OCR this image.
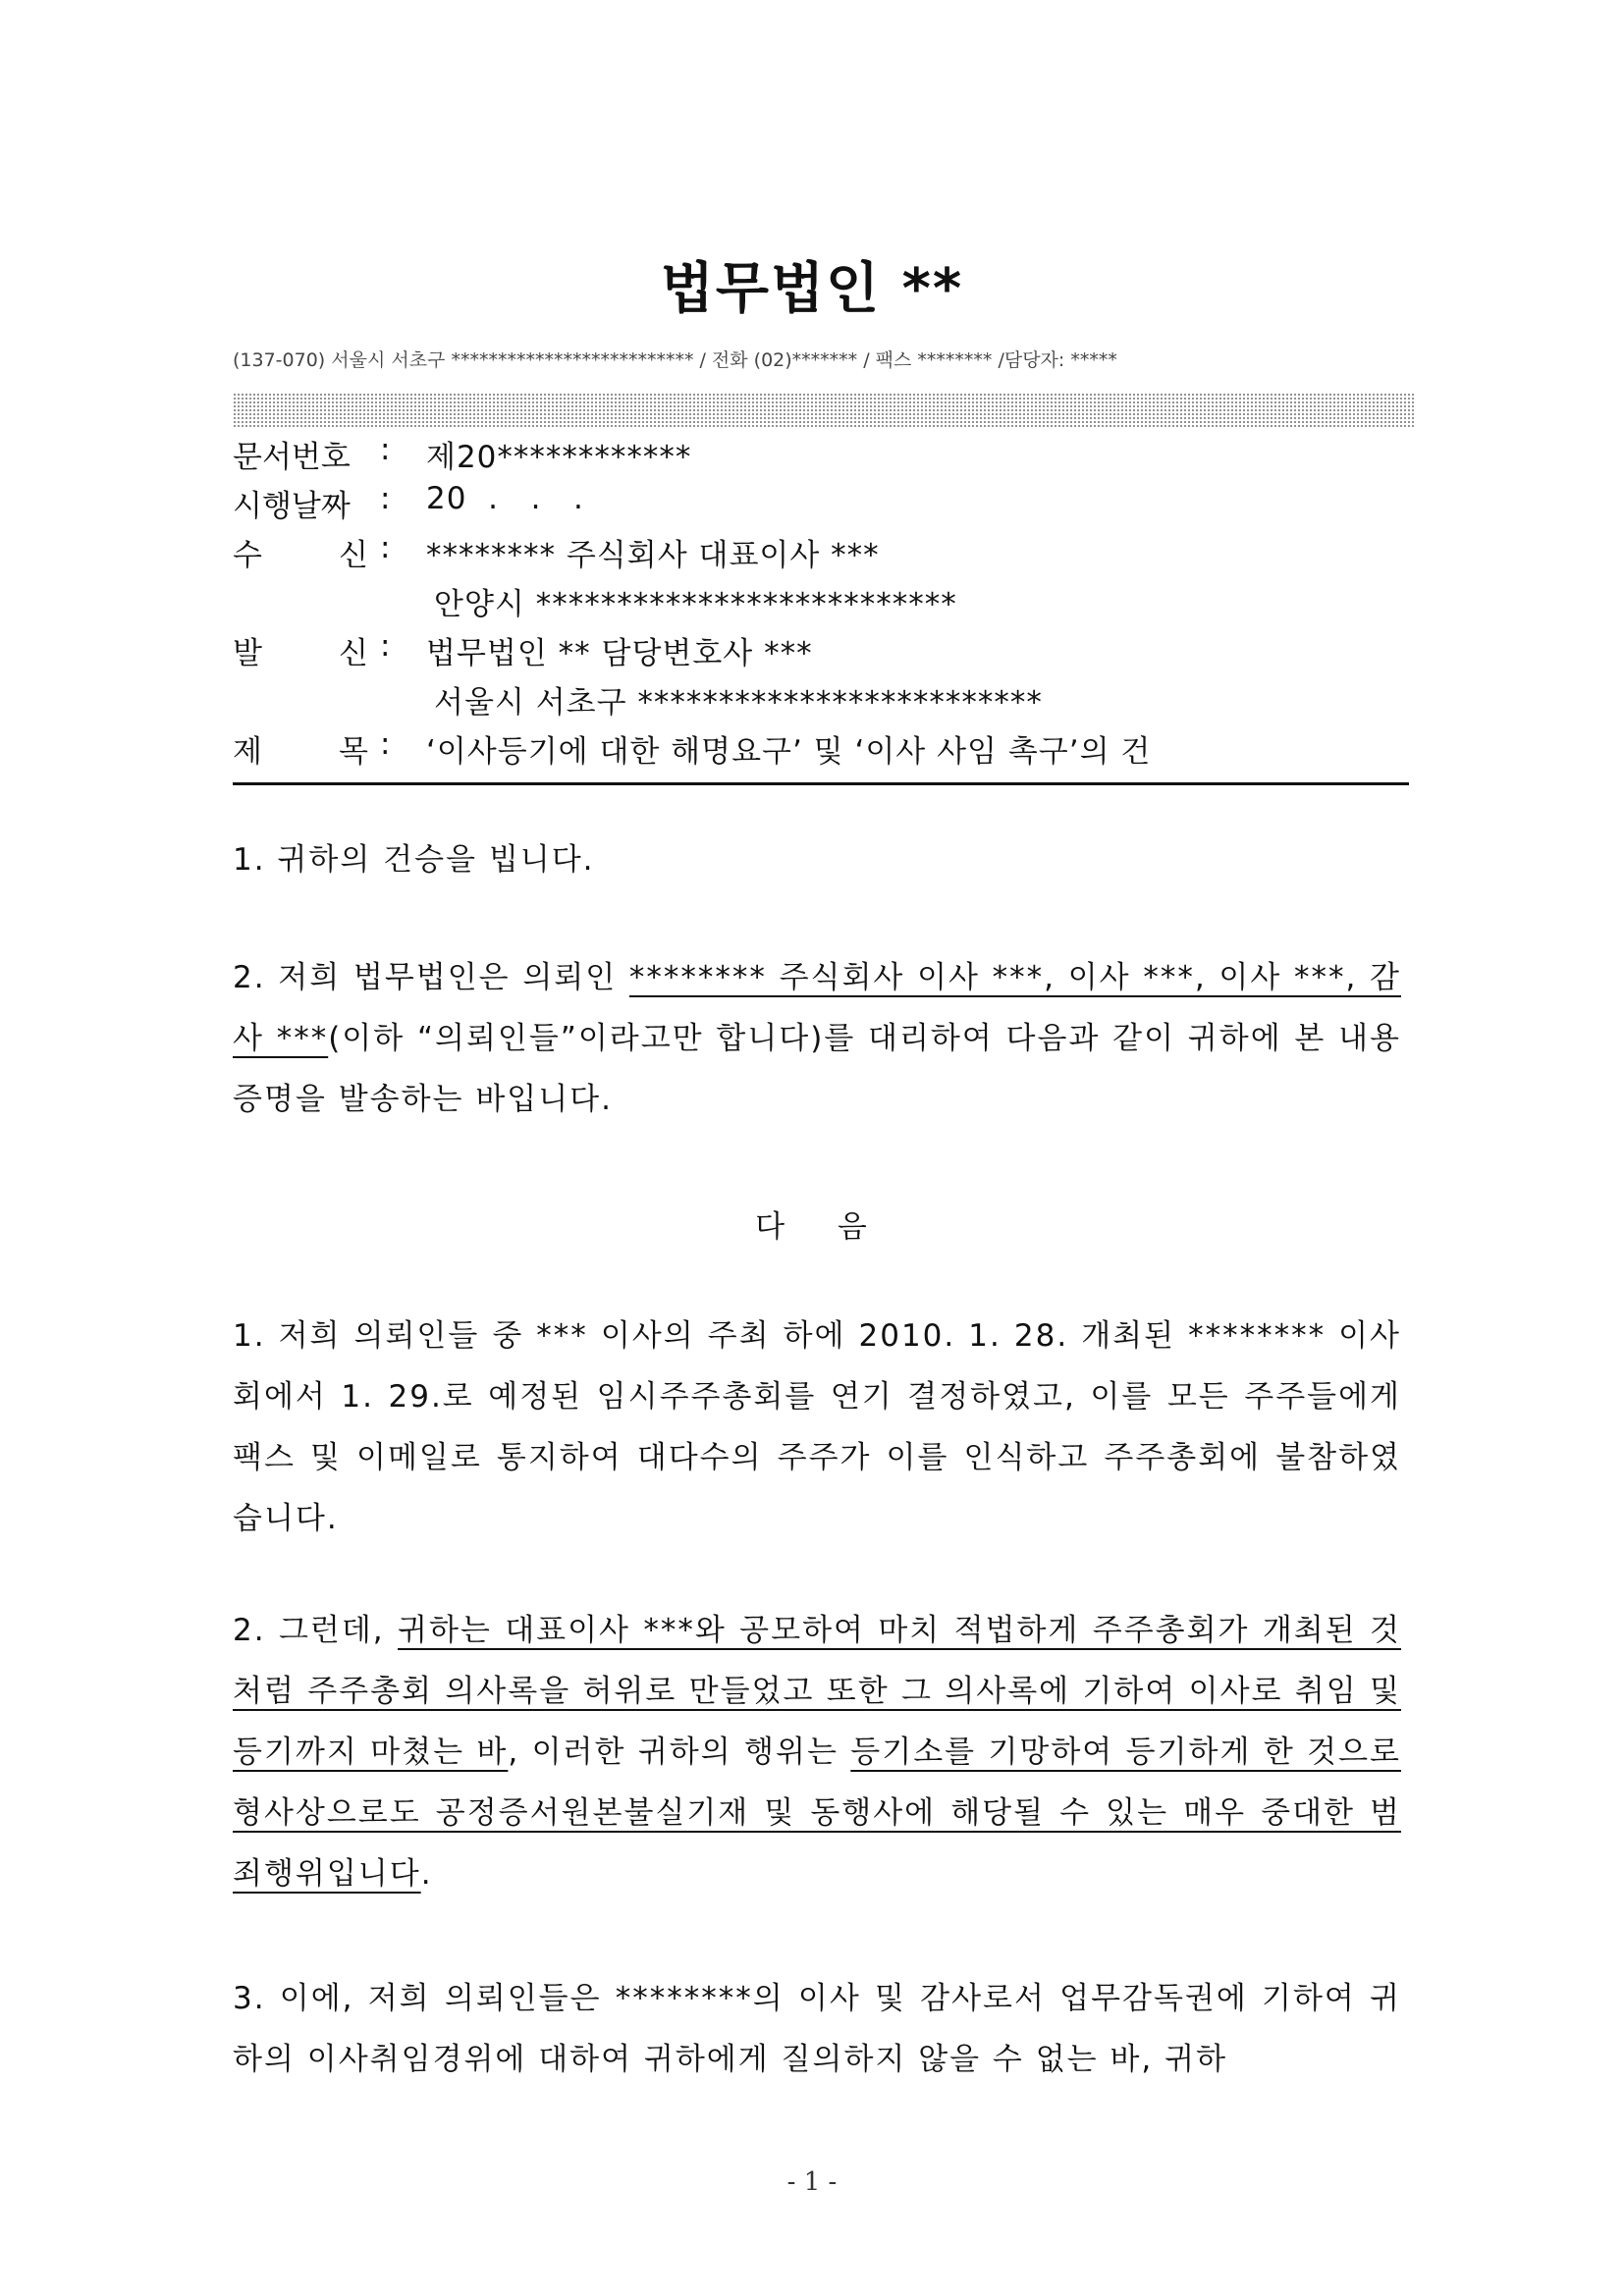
법무법인 **
(137-070) 서울시 서초구 ************************** / 전화 (02)******* / 팩스 ******** /담당자: *****
문서번호 : 제20************
시행날짜 : 20  .   .   .
수	신 : ******** 주식회사 대표이사 ***
안양시 **************************
발	신 : 법무법인 ** 담당변호사 ***
서울시 서초구 *************************
제	목 : ‘이사등기에 대한 해명요구’ 및 ‘이사 사임 촉구’의 건
1. 귀하의 건승을 빕니다.
2. 저희 법무법인은 의뢰인 ******** 주식회사 이사 ***, 이사 ***, 이사 ***, 감사 ***(이하 “의뢰인들”이라고만 합니다)를 대리하여 다음과 같이 귀하에 본 내용증명을 발송하는 바입니다.
다 음
1. 저희 의뢰인들 중 *** 이사의 주최 하에 2010. 1. 28. 개최된 ******** 이사회에서 1. 29.로 예정된 임시주주총회를 연기 결정하였고, 이를 모든 주주들에게 팩스 및 이메일로 통지하여 대다수의 주주가 이를 인식하고 주주총회에 불참하였습니다.
2. 그런데, 귀하는 대표이사 ***와 공모하여 마치 적법하게 주주총회가 개최된 것처럼 주주총회 의사록을 허위로 만들었고 또한 그 의사록에 기하여 이사로 취임 및 등기까지 마쳤는 바, 이러한 귀하의 행위는 등기소를 기망하여 등기하게 한 것으로 형사상으로도 공정증서원본불실기재 및 동행사에 해당될 수 있는 매우 중대한 범죄행위입니다.
3. 이에, 저희 의뢰인들은 ********의 이사 및 감사로서 업무감독권에 기하여 귀하의 이사취임경위에 대하여 귀하에게 질의하지 않을 수 없는 바, 귀하
- 1 -
